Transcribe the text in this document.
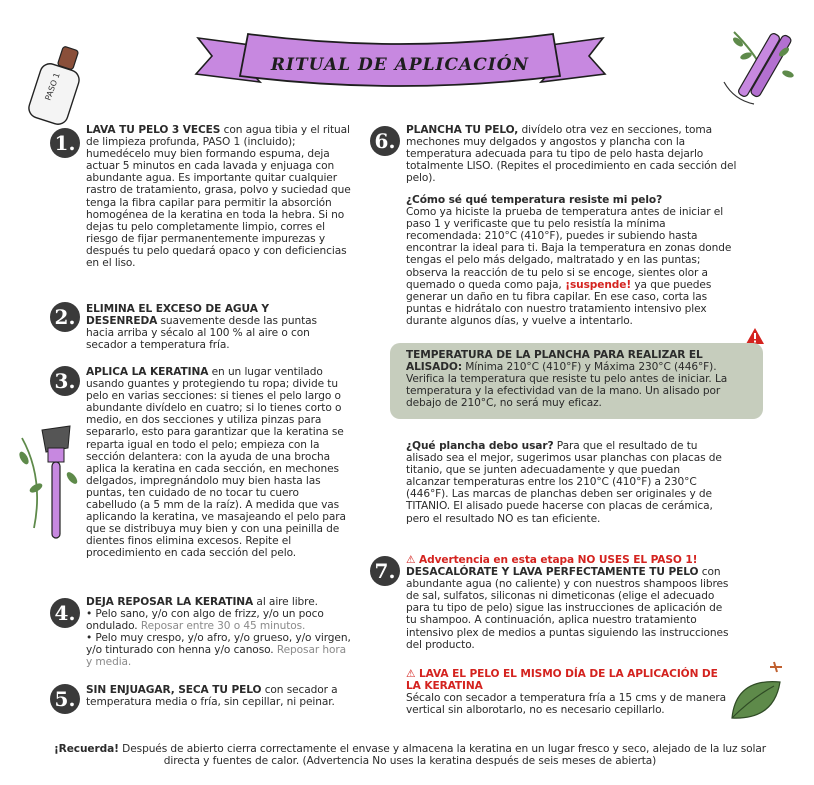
RITUAL DE APLICACIÓN
PASO 1
1.

LAVA TU PELO 3 VECES con agua tibia y el ritual de limpieza profunda, PASO 1 (incluido); humedécelo muy bien formando espuma, deja actuar 5 minutos en cada lavada y enjuaga con abundante agua. Es importante quitar cualquier rastro de tratamiento, grasa, polvo y suciedad que tenga la fibra capilar para permitir la absorción homogénea de la keratina en toda la hebra. Si no dejas tu pelo completamente limpio, corres el riesgo de fijar permanentemente impurezas y después tu pelo quedará opaco y con deficiencias en el liso.

2. ELIMINA EL EXCESO DE AGUA Y DESENREDA suavemente desde las puntas hacia arriba y sécalo al 100 % al aire o con secador a temperatura fría.

3. APLICA LA KERATINA en un lugar ventilado usando guantes y protegiendo tu ropa; divide tu pelo en varias secciones: si tienes el pelo largo o abundante divídelo en cuatro; si lo tienes corto o medio, en dos secciones y utiliza pinzas para separarlo, esto para garantizar que la keratina se reparta igual en todo el pelo; empieza con la sección delantera: con la ayuda de una brocha aplica la keratina en cada sección, en mechones delgados, impregnándolo muy bien hasta las puntas, ten cuidado de no tocar tu cuero cabelludo (a 5 mm de la raíz). A medida que vas aplicando la keratina, ve masajeando el pelo para que se distribuya muy bien y con una peinilla de dientes finos elimina excesos. Repite el procedimiento en cada sección del pelo.

4. DEJA REPOSAR LA KERATINA al aire libre.

• Pelo sano, y/o con algo de frizz, y/o un poco ondulado. Reposar entre 30 o 45 minutos.

• Pelo muy crespo, y/o afro, y/o grueso, y/o virgen, y/o tinturado con henna y/o canoso. Reposar hora y media.

5. SIN ENJUAGAR, SECA TU PELO con secador a temperatura media o fría, sin cepillar, ni peinar.

6. PLANCHA TU PELO, divídelo otra vez en secciones, toma mechones muy delgados y angostos y plancha con la temperatura adecuada para tu tipo de pelo hasta dejarlo totalmente LISO. (Repites el procedimiento en cada sección del pelo).

¿Cómo sé qué temperatura resiste mi pelo?

Como ya hiciste la prueba de temperatura antes de iniciar el paso 1 y verificaste que tu pelo resistía la mínima recomendada: 210°C (410°F), puedes ir subiendo hasta encontrar la ideal para ti. Baja la temperatura en zonas donde tengas el pelo más delgado, maltratado y en las puntas; observa la reacción de tu pelo si se encoge, sientes olor a quemado o queda como paja, ¡suspende! ya que puedes generar un daño en tu fibra capilar. En ese caso, corta las puntas e hidrátalo con nuestro tratamiento intensivo plex durante algunos días, y vuelve a intentarlo.

TEMPERATURA DE LA PLANCHA PARA REALIZAR EL ALISADO: Mínima 210°C (410°F) y Máxima 230°C (446°F). Verifica la temperatura que resiste tu pelo antes de iniciar. La temperatura y la efectividad van de la mano. Un alisado por debajo de 210°C, no será muy eficaz.

¿Qué plancha debo usar? Para que el resultado de tu alisado sea el mejor, sugerimos usar planchas con placas de titanio, que se junten adecuadamente y que puedan alcanzar temperaturas entre los 210°C (410°F) a 230°C (446°F). Las marcas de planchas deben ser originales y de TITANIO. El alisado puede hacerse con placas de cerámica, pero el resultado NO es tan eficiente.

7. ⚠ Advertencia en esta etapa NO USES EL PASO 1!

DESACALÓRATE Y LAVA PERFECTAMENTE TU PELO con abundante agua (no caliente) y con nuestros shampoos libres de sal, sulfatos, siliconas ni dimeticonas (elige el adecuado para tu tipo de pelo) sigue las instrucciones de aplicación de tu shampoo. A continuación, aplica nuestro tratamiento intensivo plex de medios a puntas siguiendo las instrucciones del producto.

⚠ LAVA EL PELO EL MISMO DÍA DE LA APLICACIÓN DE LA KERATINA

Sécalo con secador a temperatura fría a 15 cms y de manera vertical sin alborotarlo, no es necesario cepillarlo.

¡Recuerda! Después de abierto cierra correctamente el envase y almacena la keratina en un lugar fresco y seco, alejado de la luz solar directa y fuentes de calor. (Advertencia No uses la keratina después de seis meses de abierta)
